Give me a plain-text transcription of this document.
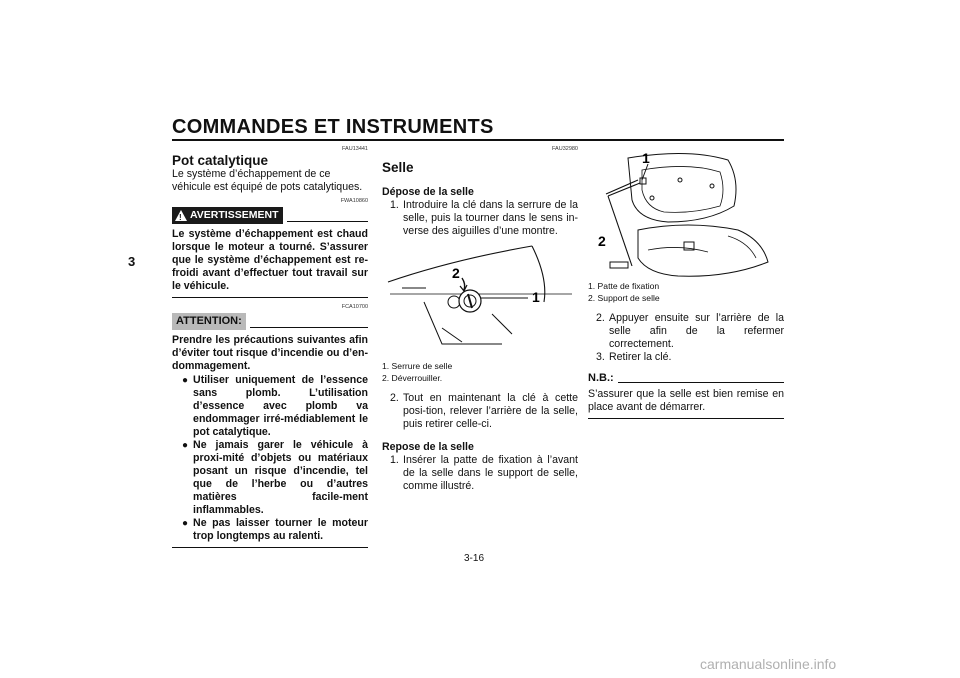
COMMANDES ET INSTRUMENTS
3
FAU13441
Pot catalytique
Le système d’échappement de ce véhicule est équipé de pots catalytiques.
FWA10860
!
AVERTISSEMENT
Le système d’échappement est chaud lorsque le moteur a tourné. S’assurer que le système d’échappement est re-froidi avant d’effectuer tout travail sur le véhicule.
FCA10700
ATTENTION:
Prendre les précautions suivantes afin d’éviter tout risque d’incendie ou d’en-dommagement.
● Utiliser uniquement de l’essence sans plomb. L’utilisation d’essence avec plomb va endommager irré-médiablement le pot catalytique.
● Ne jamais garer le véhicule à proxi-mité d’objets ou matériaux posant un risque d’incendie, tel que de l’herbe ou d’autres matières facile-ment inflammables.
● Ne pas laisser tourner le moteur trop longtemps au ralenti.
FAU32980
Selle
Dépose de la selle
1. Introduire la clé dans la serrure de la selle, puis la tourner dans le sens in-verse des aiguilles d’une montre.
2
1
1. Serrure de selle
2. Déverrouiller.
2. Tout en maintenant la clé à cette posi-tion, relever l’arrière de la selle, puis retirer celle-ci.
Repose de la selle
1. Insérer la patte de fixation à l’avant de la selle dans le support de selle, comme illustré.
1
2
1. Patte de fixation
2. Support de selle
2. Appuyer ensuite sur l’arrière de la selle afin de la refermer correctement.
3. Retirer la clé.
N.B.:
S’assurer que la selle est bien remise en place avant de démarrer.
3-16
carmanualsonline.info
